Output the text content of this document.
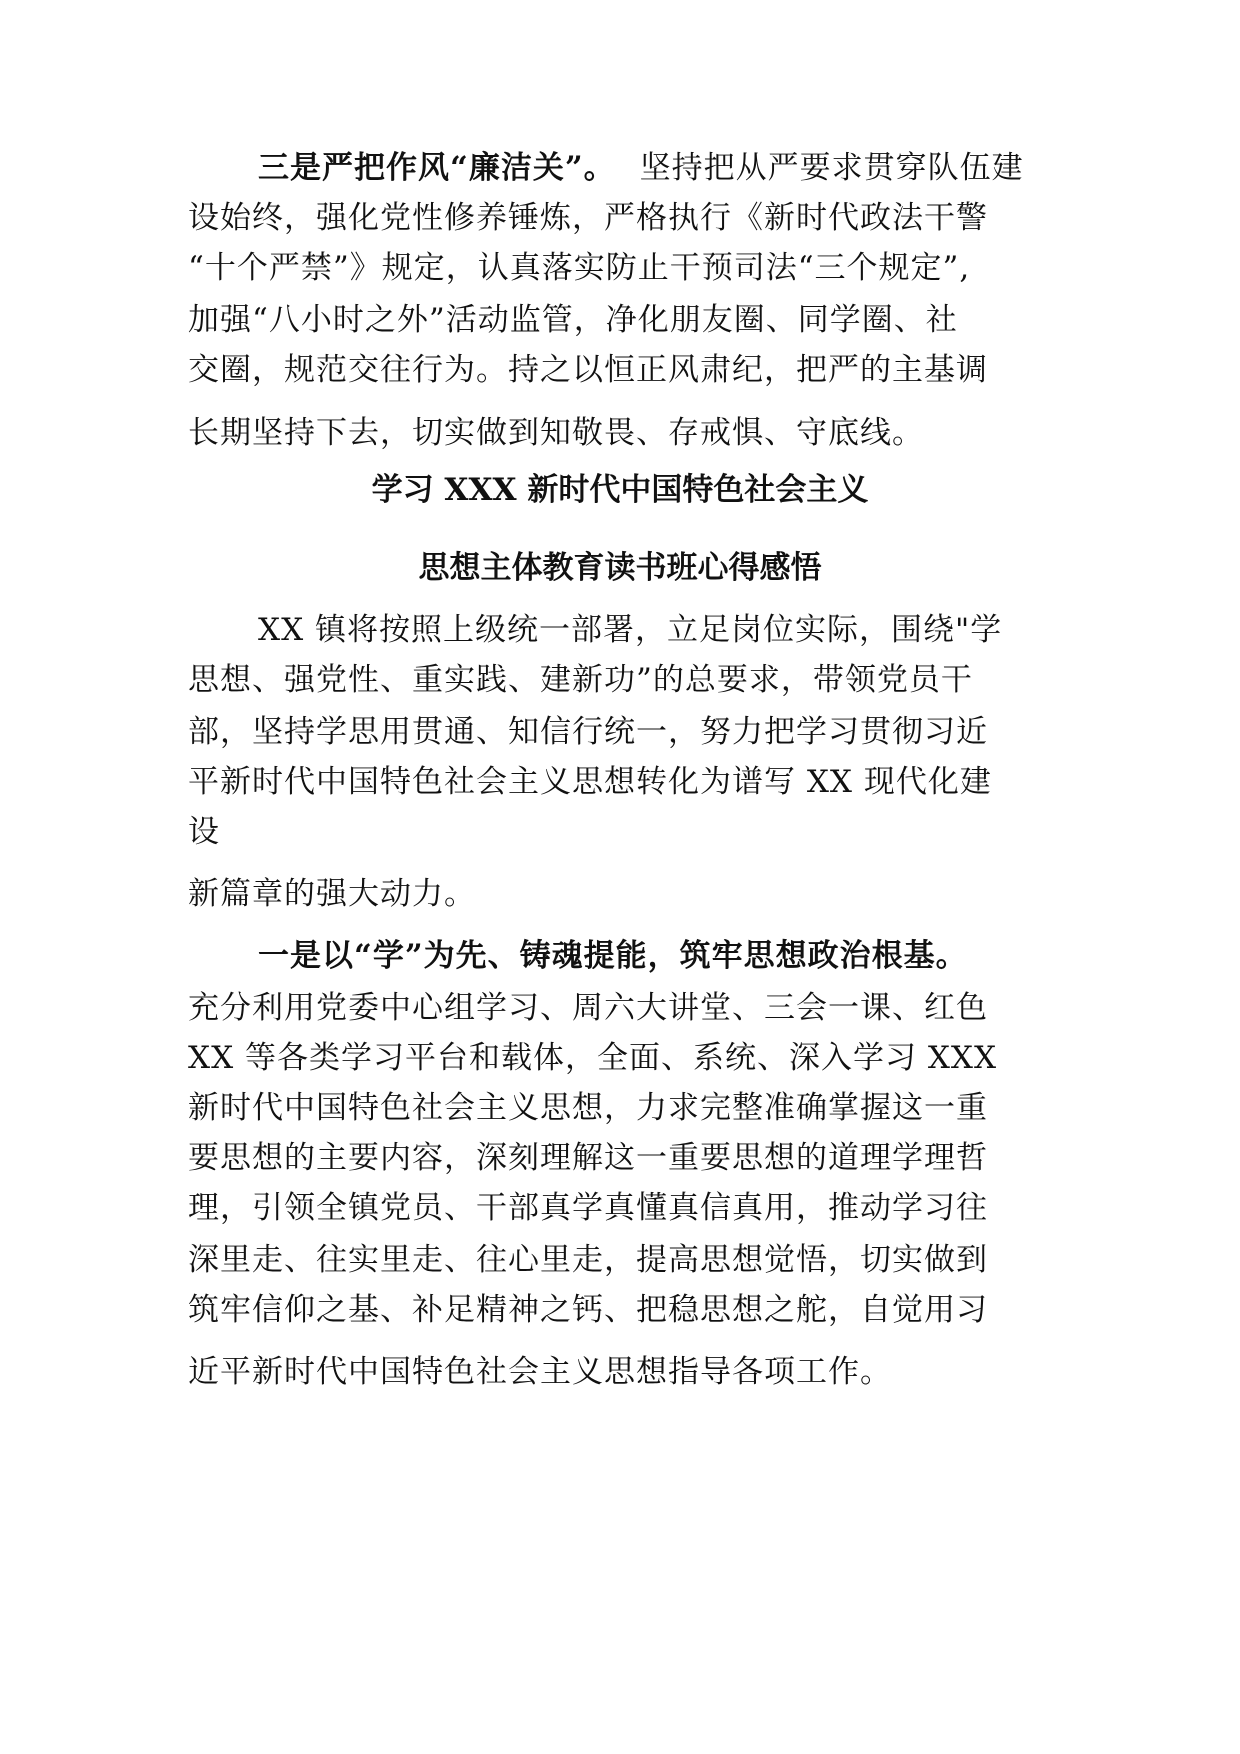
三是严把作风“廉洁关”。 坚持把从严要求贯穿队伍建
设始终，强化党性修养锤炼，严格执行《新时代政法干警
“十个严禁”》规定，认真落实防止干预司法“三个规定”,
加强“八小时之外”活动监管，净化朋友圈、同学圈、社
交圈，规范交往行为。持之以恒正风肃纪，把严的主基调
长期坚持下去，切实做到知敬畏、存戒惧、守底线。
学习 XXX 新时代中国特色社会主义
思想主体教育读书班心得感悟
XX 镇将按照上级统一部署，立足岗位实际，围绕"学
思想、强党性、重实践、建新功”的总要求，带领党员干
部，坚持学思用贯通、知信行统一，努力把学习贯彻习近
平新时代中国特色社会主义思想转化为谱写 XX 现代化建
设
新篇章的强大动力。
一是以“学”为先、铸魂提能，筑牢思想政治根基。
充分利用党委中心组学习、周六大讲堂、三会一课、红色
XX 等各类学习平台和载体，全面、系统、深入学习 XXX
新时代中国特色社会主义思想，力求完整准确掌握这一重
要思想的主要内容，深刻理解这一重要思想的道理学理哲
理，引领全镇党员、干部真学真懂真信真用，推动学习往
深里走、往实里走、往心里走，提高思想觉悟，切实做到
筑牢信仰之基、补足精神之钙、把稳思想之舵，自觉用习
近平新时代中国特色社会主义思想指导各项工作。
